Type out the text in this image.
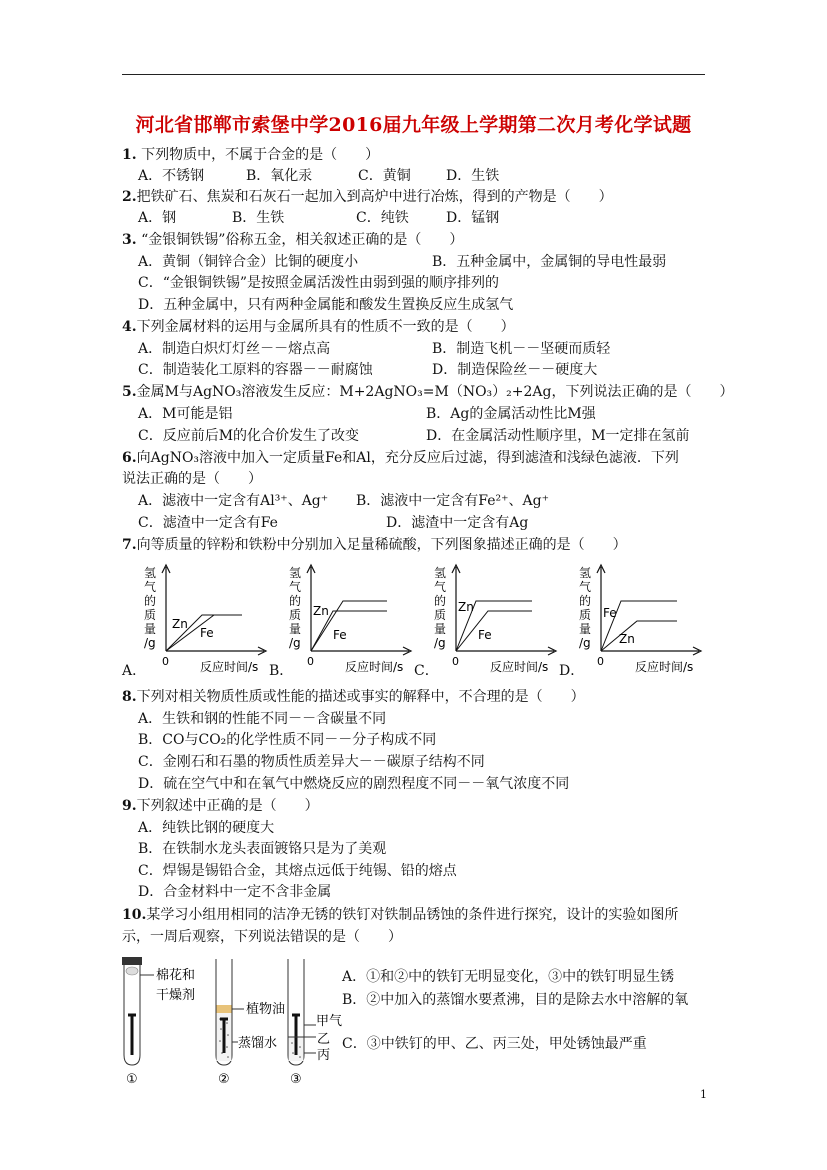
河北省邯郸市索堡中学2016届九年级上学期第二次月考化学试题
1. 下列物质中，不属于合金的是（　　）
A．不锈钢	B．氧化汞	C．黄铜	D．生铁
2.把铁矿石、焦炭和石灰石一起加入到高炉中进行冶炼，得到的产物是（　　）
A．钢	B．生铁	C．纯铁	D．锰钢
3. “金银铜铁锡”俗称五金，相关叙述正确的是（　　）
A．黄铜（铜锌合金）比铜的硬度小	B．五种金属中，金属铜的导电性最弱
C．“金银铜铁锡”是按照金属活泼性由弱到强的顺序排列的
D．五种金属中，只有两种金属能和酸发生置换反应生成氢气
4.下列金属材料的运用与金属所具有的性质不一致的是（　　）
A．制造白炽灯灯丝－－熔点高	B．制造飞机－－坚硬而质轻
C．制造装化工原料的容器－－耐腐蚀	D．制造保险丝－－硬度大
5.金属M与AgNO₃溶液发生反应：M+2AgNO₃=M（NO₃）₂+2Ag，下列说法正确的是（　　）
A．M可能是铝	B．Ag的金属活动性比M强
C．反应前后M的化合价发生了改变	D．在金属活动性顺序里，M一定排在氢前
6.向AgNO₃溶液中加入一定质量Fe和Al，充分反应后过滤，得到滤渣和浅绿色滤液．下列
说法正确的是（　　）
A．滤液中一定含有Al³⁺、Ag⁺ B．滤液中一定含有Fe²⁺、Ag⁺
C．滤渣中一定含有Fe	D．滤渣中一定含有Ag
7.向等质量的锌粉和铁粉中分别加入足量稀硫酸，下列图象描述正确的是（　　）
A．	B．	C．	D．
氢
气
的
质
量
/g
0	反应时间/s
Zn
Fe
氢
气
的
质
量
/g
0	反应时间/s
Zn
Fe
氢
气
的
质
量
/g
0	反应时间/s
Zn
Fe
氢
气
的
质
量
/g
0	反应时间/s
Zn
Fe
8.下列对相关物质性质或性能的描述或事实的解释中，不合理的是（　　）
A．生铁和钢的性能不同－－含碳量不同
B．CO与CO₂的化学性质不同－－分子构成不同
C．金刚石和石墨的物质性质差异大－－碳原子结构不同
D．硫在空气中和在氧气中燃烧反应的剧烈程度不同－－氧气浓度不同
9.下列叙述中正确的是（　　）
A．纯铁比钢的硬度大
B．在铁制水龙头表面镀铬只是为了美观
C．焊锡是锡铅合金，其熔点远低于纯锡、铅的熔点
D．合金材料中一定不含非金属
10.某学习小组用相同的洁净无锈的铁钉对铁制品锈蚀的条件进行探究，设计的实验如图所
示，一周后观察，下列说法错误的是（　　）
A．①和②中的铁钉无明显变化，③中的铁钉明显生锈
B．②中加入的蒸馏水要煮沸，目的是除去水中溶解的氧
C．③中铁钉的甲、乙、丙三处，甲处锈蚀最严重
棉花和
干燥剂
植物油
蒸馏水
甲气
乙
丙
①	②	③
1
